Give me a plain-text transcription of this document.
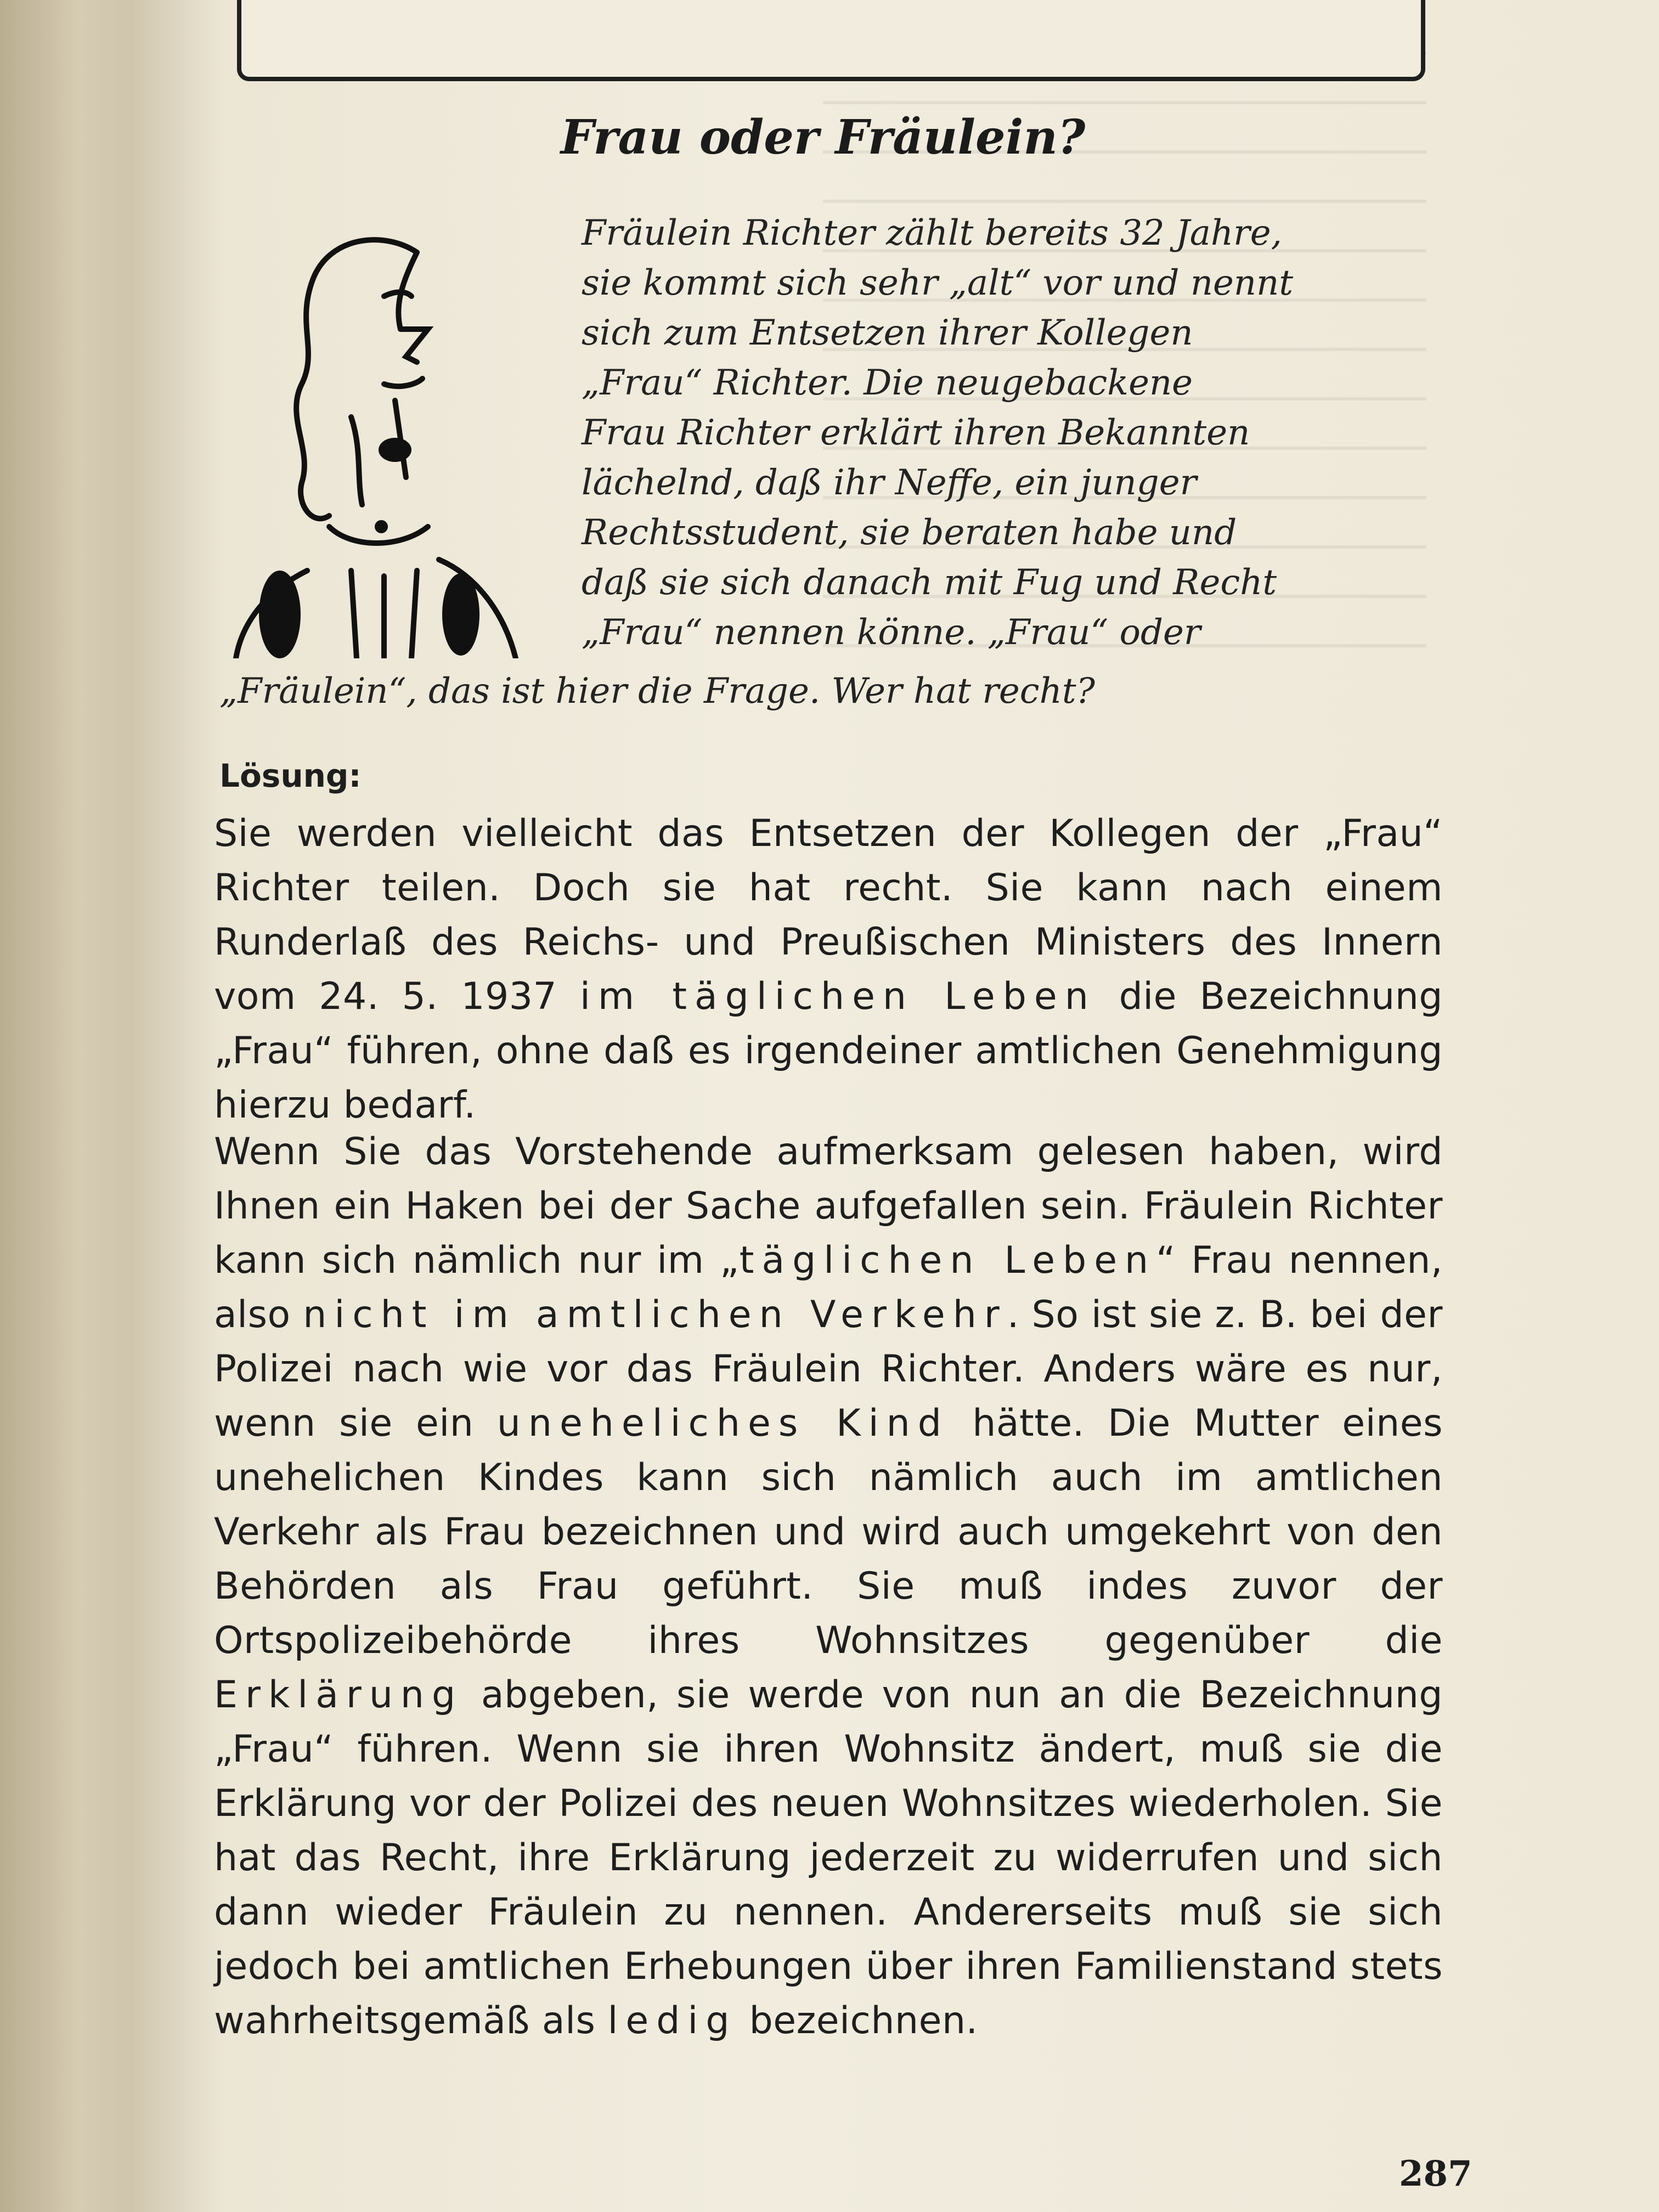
Frau oder Fräulein?
Fräulein Richter zählt bereits 32 Jahre,
sie kommt sich sehr „alt“ vor und nennt
sich zum Entsetzen ihrer Kollegen
„Frau“ Richter. Die neugebackene
Frau Richter erklärt ihren Bekannten
lächelnd, daß ihr Neffe, ein junger
Rechtsstudent, sie beraten habe und
daß sie sich danach mit Fug und Recht
„Frau“ nennen könne. „Frau“ oder
„Fräulein“, das ist hier die Frage. Wer hat recht?
Lösung:

Sie werden vielleicht das Entsetzen der Kollegen der „Frau“ Richter teilen. Doch sie hat recht. Sie kann nach einem Runderlaß des Reichs- und Preußischen Ministers des Innern vom 24. 5. 1937 im täglichen Leben die Bezeichnung „Frau“ führen, ohne daß es irgendeiner amtlichen Genehmigung hierzu bedarf.

Wenn Sie das Vorstehende aufmerksam gelesen haben, wird Ihnen ein Haken bei der Sache aufgefallen sein. Fräulein Richter kann sich nämlich nur im „täglichen Leben“ Frau nennen, also nicht im amtlichen Verkehr. So ist sie z. B. bei der Polizei nach wie vor das Fräulein Richter. Anders wäre es nur, wenn sie ein uneheliches Kind hätte. Die Mutter eines unehelichen Kindes kann sich nämlich auch im amtlichen Verkehr als Frau bezeichnen und wird auch umgekehrt von den Behörden als Frau geführt. Sie muß indes zuvor der Ortspolizeibehörde ihres Wohnsitzes gegenüber die Erklärung abgeben, sie werde von nun an die Bezeichnung „Frau“ führen. Wenn sie ihren Wohnsitz ändert, muß sie die Erklärung vor der Polizei des neuen Wohnsitzes wiederholen. Sie hat das Recht, ihre Erklärung jederzeit zu widerrufen und sich dann wieder Fräulein zu nennen. Andererseits muß sie sich jedoch bei amtlichen Erhebungen über ihren Familienstand stets wahrheitsgemäß als ledig bezeichnen.

287
